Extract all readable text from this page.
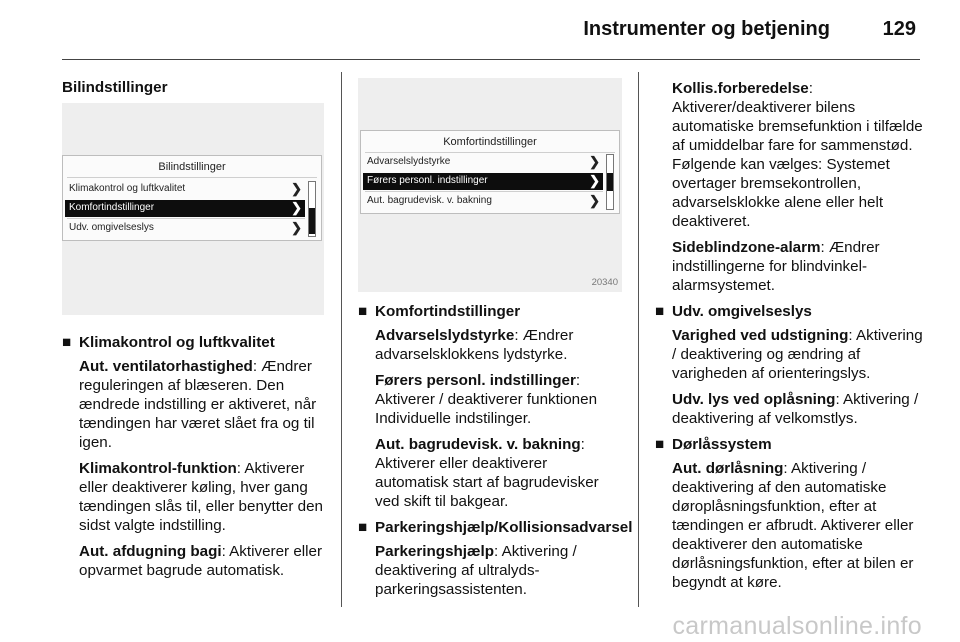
Instrumenter og betjening	129
Bilindstillinger
Bilindstillinger
Klimakontrol og luftkvalitet	❯
Komfortindstillinger	❯
Udv. omgivelseslys	❯
■ Klimakontrol og luftkvalitet

Aut. ventilatorhastighed: Ændrer reguleringen af blæseren. Den ændrede indstilling er aktiveret, når tændingen har været slået fra og til igen.

Klimakontrol-funktion: Aktiverer eller deaktiverer køling, hver gang tændingen slås til, eller benytter den sidst valgte indstilling.

Aut. afdugning bagi: Aktiverer eller opvarmet bagrude automatisk.

Komfortindstillinger
Advarselslydstyrke	❯
Førers personl. indstillinger	❯
Aut. bagrudevisk. v. bakning	❯
20340
■ Komfortindstillinger

Advarselslydstyrke: Ændrer advarselsklokkens lydstyrke.

Førers personl. indstillinger: Aktiverer / deaktiverer funktionen Individuelle indstilinger.

Aut. bagrudevisk. v. bakning: Aktiverer eller deaktiverer automatisk start af bagrudevisker ved skift til bakgear.

■ Parkeringshjælp/Kollisionsadvarsel

Parkeringshjælp: Aktivering / deaktivering af ultralyds-parkeringsassistenten.

Kollis.forberedelse: Aktiverer/deaktiverer bilens automatiske bremsefunktion i tilfælde af umiddelbar fare for sammenstød. Følgende kan vælges: Systemet overtager bremsekontrollen, advarselsklokke alene eller helt deaktiveret.

Sideblindzone-alarm: Ændrer indstillingerne for blindvinkel-alarmsystemet.

■ Udv. omgivelseslys

Varighed ved udstigning: Aktivering / deaktivering og ændring af varigheden af orienteringslys.

Udv. lys ved oplåsning: Aktivering / deaktivering af velkomstlys.

■ Dørlåssystem

Aut. dørlåsning: Aktivering / deaktivering af den automatiske døroplåsningsfunktion, efter at tændingen er afbrudt. Aktiverer eller deaktiverer den automatiske dørlåsningsfunktion, efter at bilen er begyndt at køre.

carmanualsonline.info
